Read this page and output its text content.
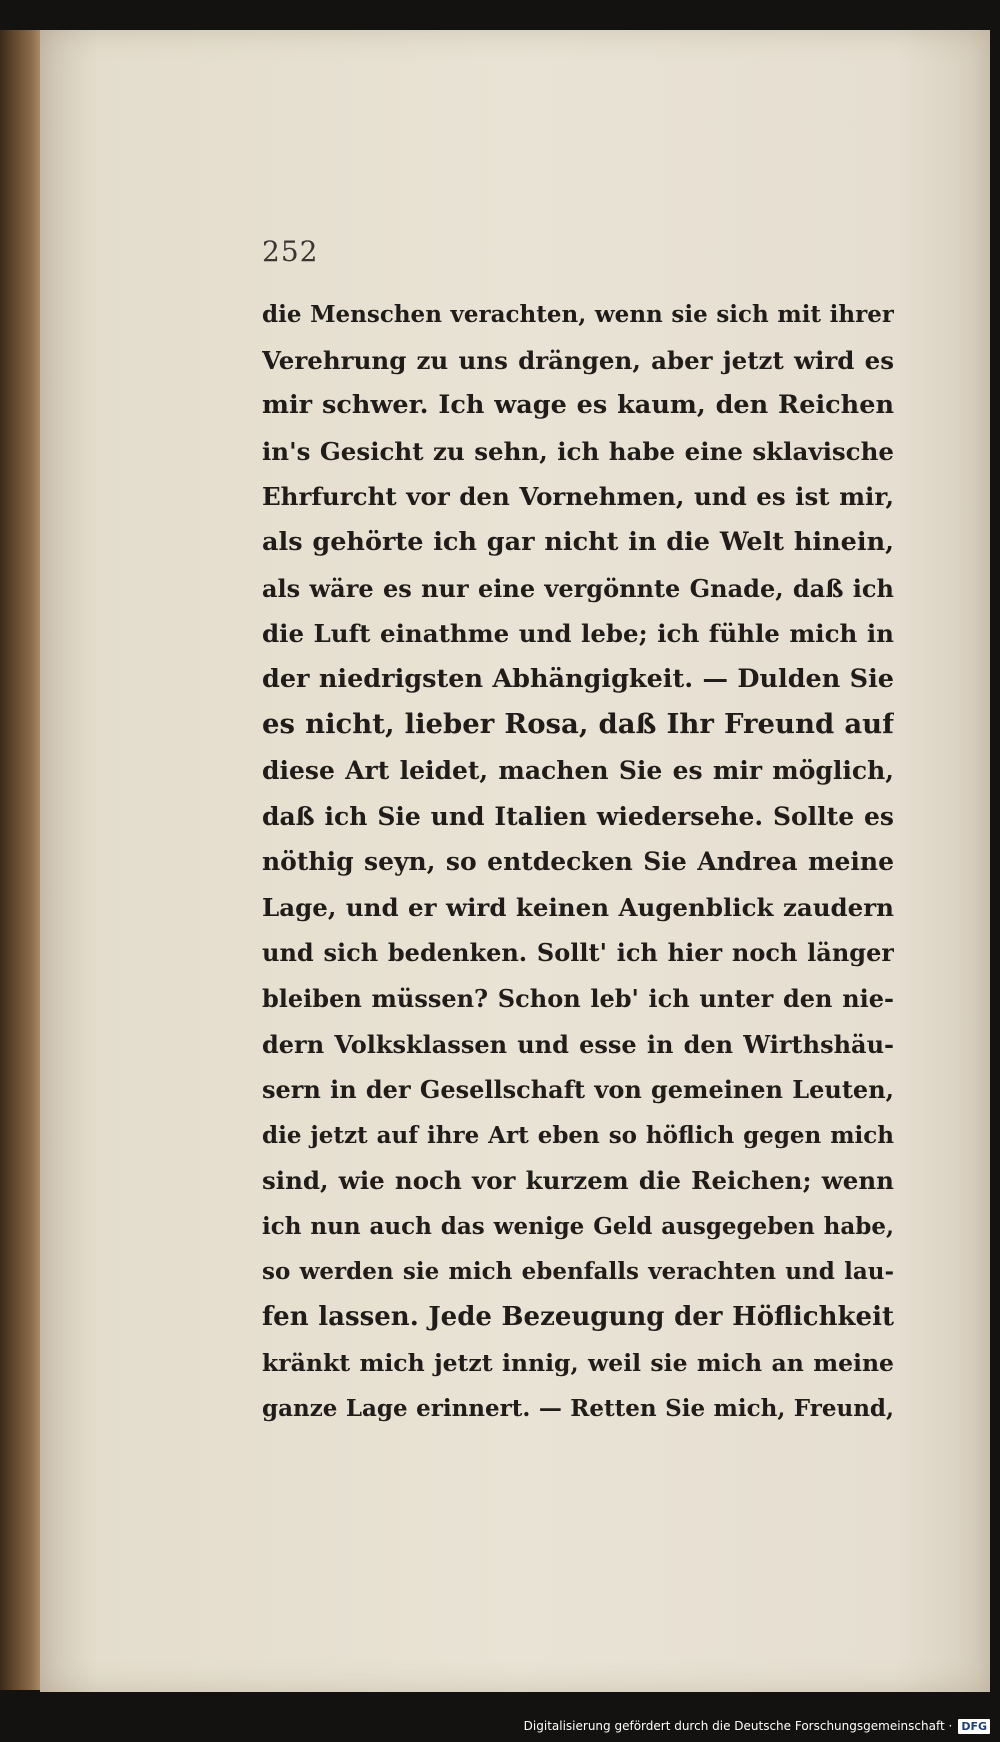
252
die Menschen verachten, wenn sie sich mit ihrer
Verehrung zu uns drängen, aber jetzt wird es
mir schwer. Ich wage es kaum, den Reichen
in's Gesicht zu sehn, ich habe eine sklavische
Ehrfurcht vor den Vornehmen, und es ist mir,
als gehörte ich gar nicht in die Welt hinein,
als wäre es nur eine vergönnte Gnade, daß ich
die Luft einathme und lebe; ich fühle mich in
der niedrigsten Abhängigkeit. — Dulden Sie
es nicht, lieber Rosa, daß Ihr Freund auf
diese Art leidet, machen Sie es mir möglich,
daß ich Sie und Italien wiedersehe. Sollte es
nöthig seyn, so entdecken Sie Andrea meine
Lage, und er wird keinen Augenblick zaudern
und sich bedenken. Sollt' ich hier noch länger
bleiben müssen? Schon leb' ich unter den nie-
dern Volksklassen und esse in den Wirthshäu-
sern in der Gesellschaft von gemeinen Leuten,
die jetzt auf ihre Art eben so höflich gegen mich
sind, wie noch vor kurzem die Reichen; wenn
ich nun auch das wenige Geld ausgegeben habe,
so werden sie mich ebenfalls verachten und lau-
fen lassen. Jede Bezeugung der Höflichkeit
kränkt mich jetzt innig, weil sie mich an meine
ganze Lage erinnert. — Retten Sie mich, Freund,
Digitalisierung gefördert durch die Deutsche Forschungsgemeinschaft · DFG
